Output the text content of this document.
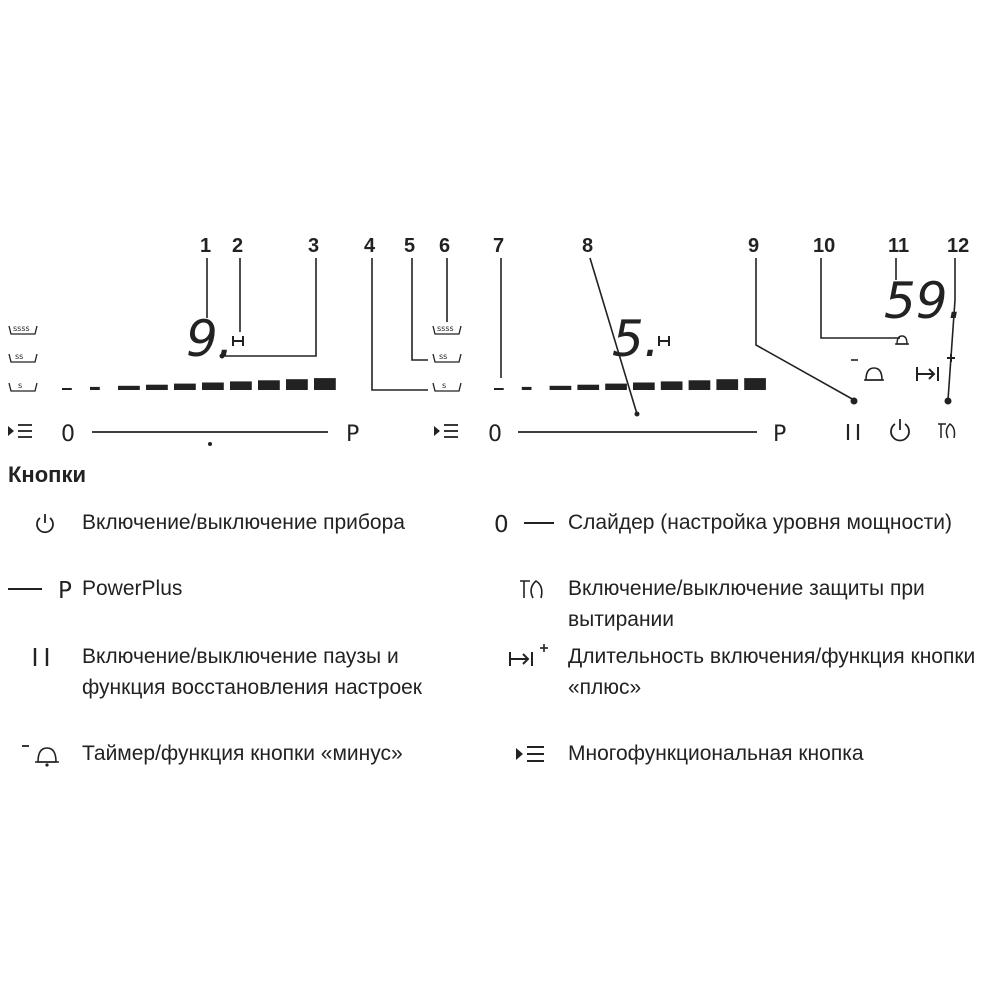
1 2	3 4 5 6 7	8	9	10	11 12
ssss
ss
s
ssss
ss
s
9.	5.
59.
0	P	0	P
Кнопки
Включение/выключение прибора
P PowerPlus
Включение/выключение паузы и функция восстановления настроек
Таймер/функция кнопки «минус»
0	Слайдер (настройка уровня мощности)
Включение/выключение защиты при вытирании
Длительность включения/функция кнопки «плюс»
Многофункциональная кнопка
